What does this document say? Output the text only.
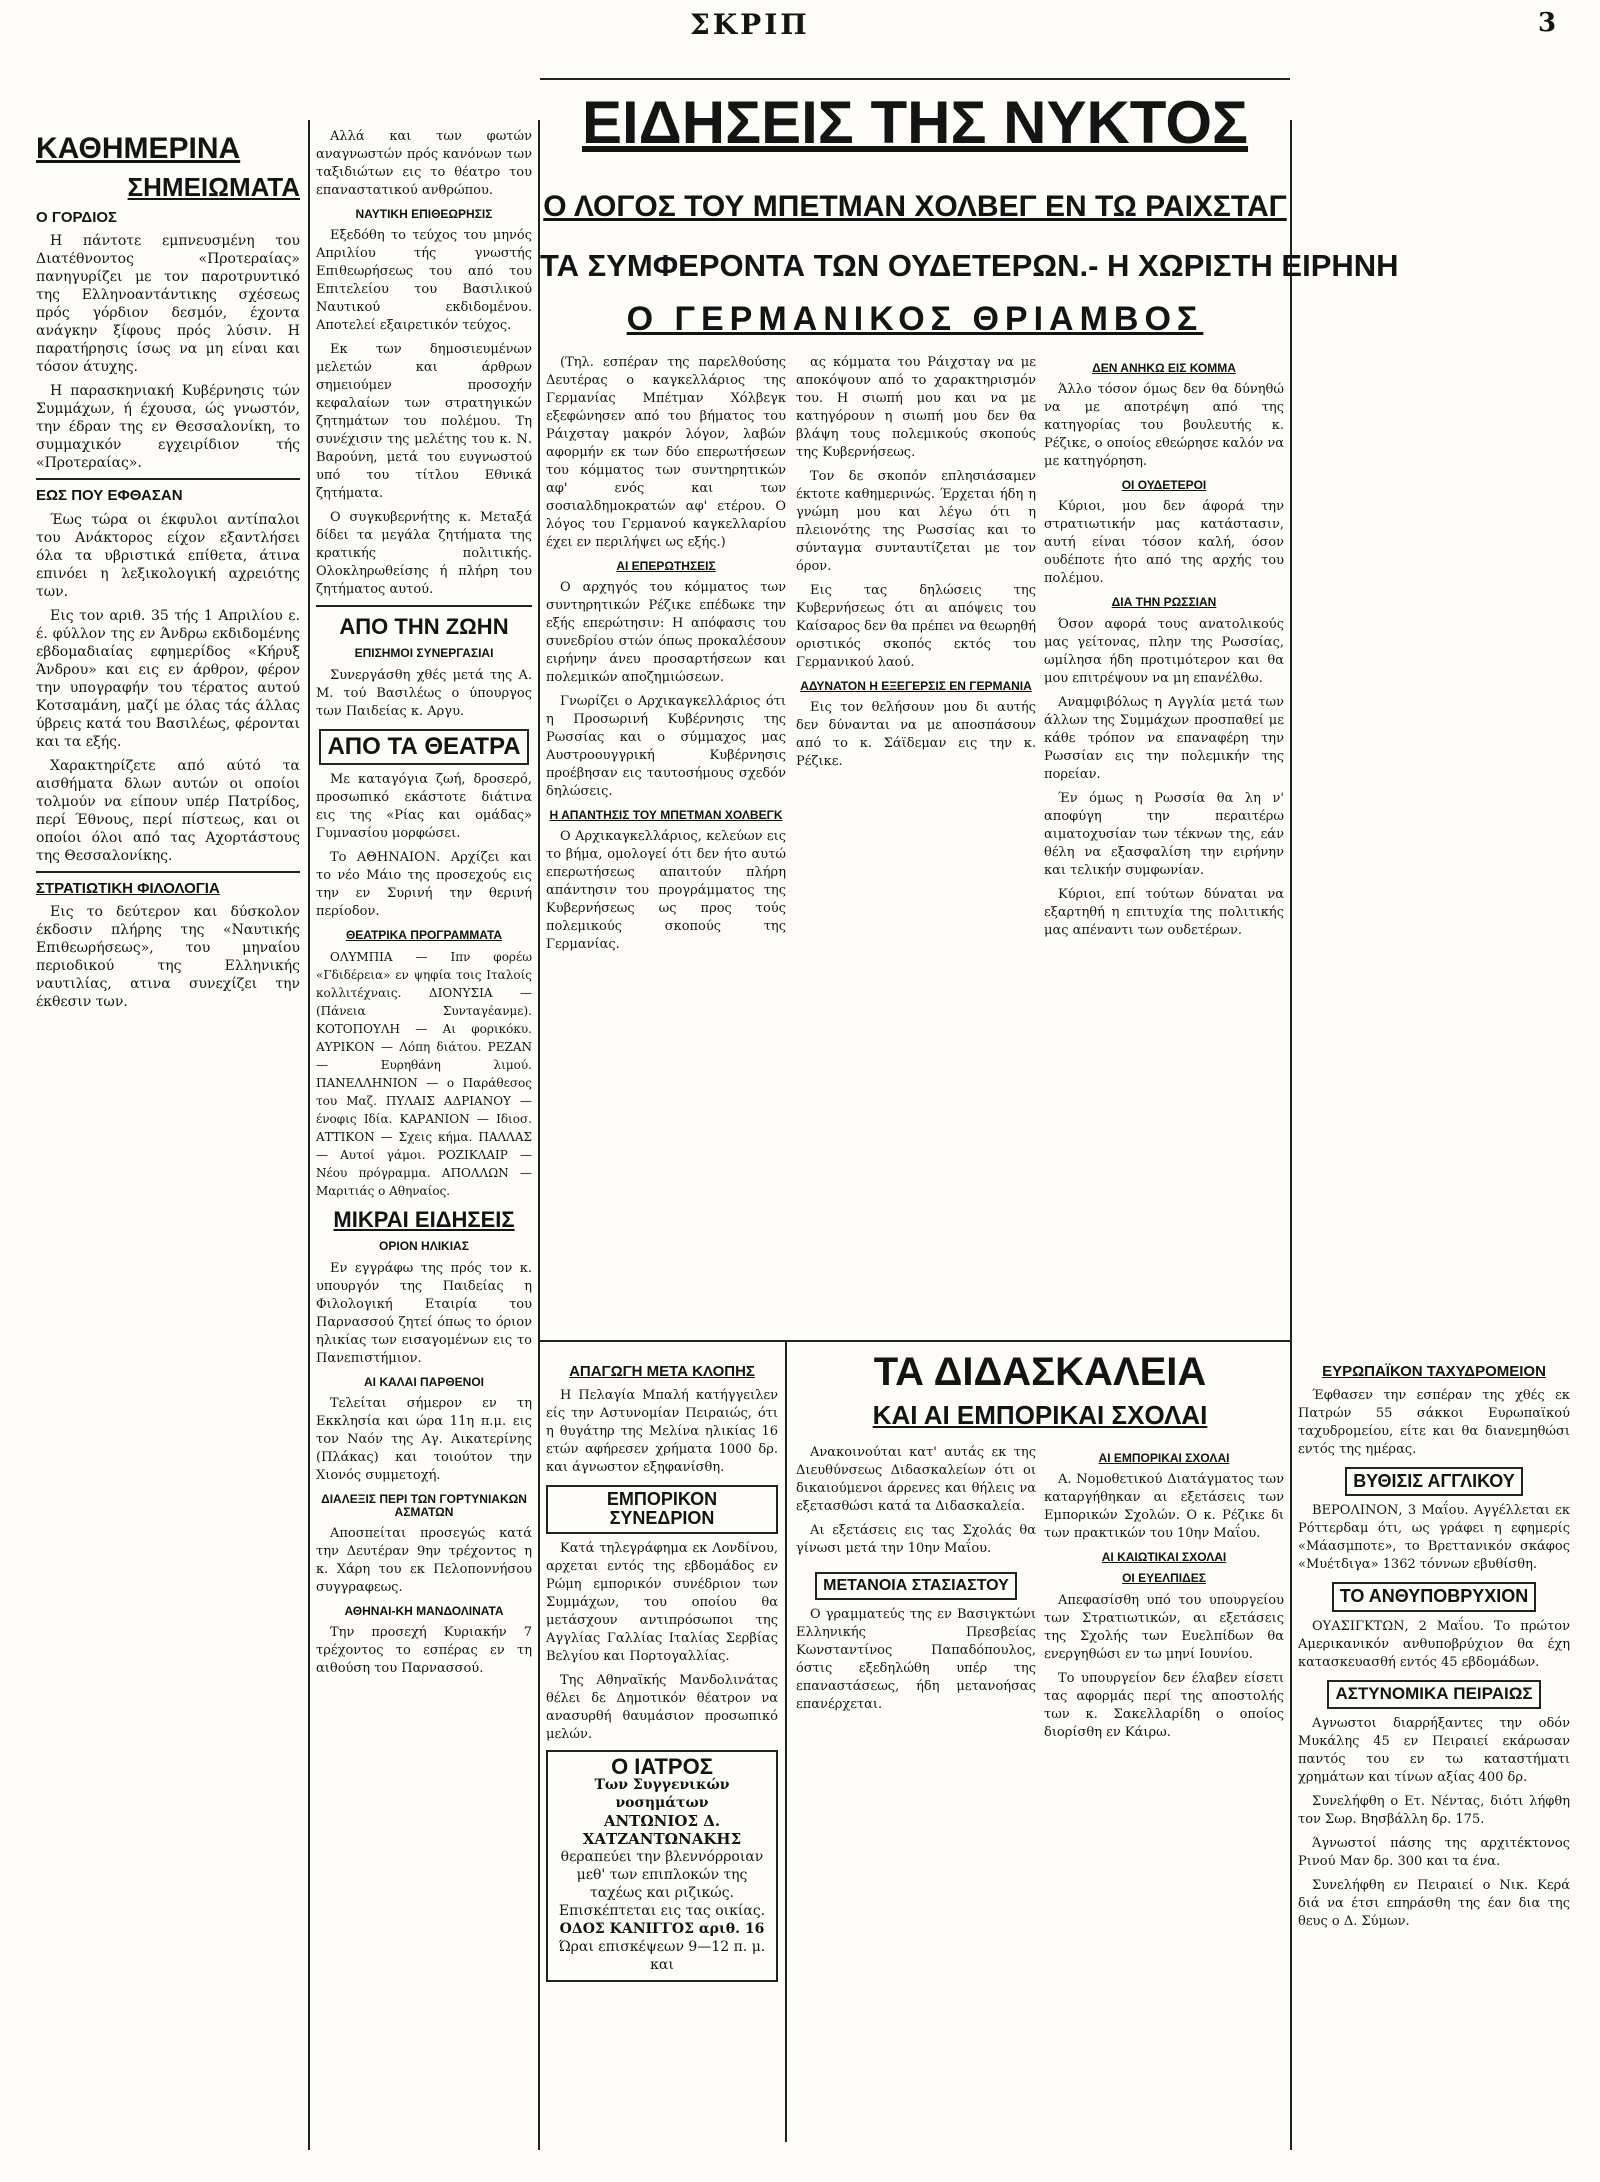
ΣΚΡΙΠ	3
ΚΑΘΗΜΕΡΙΝΑ
ΣΗΜΕΙΩΜΑΤΑ
Ο ΓΟΡΔΙΟΣ

Η πάντοτε εμπνευσμένη του Διατέθνοντος «Προτεραίας» πανηγυρίζει με τον παροτρυντικό της Ελληνοαντάντικης σχέσεως πρός γόρδιον δεσμόν, έχοντα ανάγκην ξίφους πρός λύσιν. Η παρατήρησις ίσως να μη είναι και τόσον άτυχης.

Η παρασκηνιακή Κυβέρνησις τών Συμμάχων, ή έχουσα, ώς γνωστόν, την έδραν της εν Θεσσαλονίκη, το συμμαχικόν εγχειρίδιον τής «Προτεραίας».

ΕΩΣ ΠΟΥ ΕΦΘΑΣΑΝ

Έως τώρα οι έκφυλοι αντίπαλοι του Ανάκτορος είχον εξαντλήσει όλα τα υβριστικά επίθετα, άτινα επινόει η λεξικολογική αχρειότης των.

Εις τον αριθ. 35 τής 1 Απριλίου ε. έ. φύλλον της εν Άνδρω εκδιδομένης εβδομαδιαίας εφημερίδος «Κήρυξ Άνδρου» και εις εν άρθρον, φέρον την υπογραφήν του τέρατος αυτού Κοτσαμάνη, μαζί με όλας τάς άλλας ύβρεις κατά του Βασιλέως, φέρονται και τα εξής.

Χαρακτηρίζετε από αύτό τα αισθήματα δλων αυτών οι οποίοι τολμούν να είπουν υπέρ Πατρίδος, περί Έθνους, περί πίστεως, και οι οποίοι όλοι από τας Αχορτάστους της Θεσσαλονίκης.

ΣΤΡΑΤΙΩΤΙΚΗ ΦΙΛΟΛΟΓΙΑ

Εις το δεύτερον και δύσκολον έκδοσιν πλήρης της «Ναυτικής Επιθεωρήσεως», του μηναίου περιοδικού της Ελληνικής ναυτιλίας, ατινα συνεχίζει την έκθεσιν των.

Αλλά και των φωτών αναγνωστών πρός κανόνων των ταξιδιώτων εις το θέατρο του επαναστατικού ανθρώπου.

ΝΑΥΤΙΚΗ ΕΠΙΘΕΩΡΗΣΙΣ

Εξεδόθη το τεύχος του μηνός Απριλίου τής γνωστής Επιθεωρήσεως του από του Επιτελείου του Βασιλικού Ναυτικού εκδιδομένου. Αποτελεί εξαιρετικόν τεύχος.

Εκ των δημοσιευμένων μελετών και άρθρων σημειούμεν προσοχήν κεφαλαίων των στρατηγικών ζητημάτων του πολέμου. Τη συνέχισιν της μελέτης του κ. Ν. Βαρούνη, μετά του ευγνωστού υπό του τίτλου Εθνικά ζητήματα.

Ο συγκυβερνήτης κ. Μεταξά δίδει τα μεγάλα ζητήματα της κρατικής πολιτικής. Ολοκληρωθείσης ή πλήρη του ζητήματος αυτού.

ΑΠΟ ΤΗΝ ΖΩΗΝ
ΕΠΙΣΗΜΟΙ ΣΥΝΕΡΓΑΣΙΑΙ

Συνεργάσθη χθές μετά της Α. Μ. τού Βασιλέως ο ύπουργος των Παιδείας κ. Αργυ.

ΑΠΟ ΤΑ ΘΕΑΤΡΑ

Με καταγόγια ζωή, δροσερό, προσωπικό εκάστοτε διάτινα εις της «Ρίας και ομάδας» Γυμνασίου μορφώσει.

Το ΑΘΗΝΑΙΟΝ. Αρχίζει και το νέο Μάιο της προσεχούς εις την εν Συρινή την θερινή περίοδον.

ΘΕΑΤΡΙΚΑ ΠΡΟΓΡΑΜΜΑΤΑ

ΟΛΥΜΠΙΑ — Ιπν φορέω «Γδιδέρεια» εν ψηφία τοις Ιταλοίς κολλιτέχναις. ΔΙΟΝΥΣΙΑ — (Πάνεια Συνταγέανμε). ΚΟΤΟΠΟΥΛΗ — Αι φορικόκυ. ΑΥΡΙΚΟΝ — Λόπη διάτου. ΡΕΖΑΝ — Ευρηθάνη λιμού. ΠΑΝΕΛΛΗΝΙΟΝ — ο Παράθεσος του Μαζ. ΠΥΛΑΙΣ ΑΔΡΙΑΝΟΥ — ένοφις Ιδία. ΚΑΡΑΝΙΟΝ — Ιδιοσ. ΑΤΤΙΚΟΝ — Σχεις κήμα. ΠΑΛΛΑΣ — Αυτοί γάμοι. ΡΟΖΙΚΛΑΙΡ — Νέου πρόγραμμα. ΑΠΟΛΛΩΝ — Μαριτιάς ο Αθηναίος.

ΜΙΚΡΑΙ ΕΙΔΗΣΕΙΣ
ΟΡΙΟΝ ΗΛΙΚΙΑΣ

Εν εγγράφω της πρός τον κ. υπουργόν της Παιδείας η Φιλολογική Εταιρία του Παρνασσού ζητεί όπως το όριον ηλικίας των εισαγομένων εις το Πανεπιστήμιον.

ΑΙ ΚΑΛΑΙ ΠΑΡΘΕΝΟΙ

Τελείται σήμερον εν τη Εκκλησία και ώρα 11η π.μ. εις τον Ναόν της Αγ. Αικατερίνης (Πλάκας) και τοιούτον την Χιονός συμμετοχή.

ΔΙΑΛΕΞΙΣ ΠΕΡΙ ΤΩΝ ΓΟΡΤΥΝΙΑΚΩΝ ΑΣΜΑΤΩΝ

Αποσπείται προσεγώς κατά την Δευτέραν 9ην τρέχοντος η κ. Χάρη του εκ Πελοποννήσου συγγραφεως.

ΑΘΗΝΑΙ-ΚΗ ΜΑΝΔΟΛΙΝΑΤΑ

Την προσεχή Κυριακήν 7 τρέχοντος το εσπέρας εν τη αιθούση του Παρνασσού.

ΕΙΔΗΣΕΙΣ ΤΗΣ ΝΥΚΤΟΣ
Ο ΛΟΓΟΣ ΤΟΥ ΜΠΕΤΜΑΝ ΧΟΛΒΕΓ ΕΝ ΤΩ ΡΑΙΧΣΤΑΓ
ΤΑ ΣΥΜΦΕΡΟΝΤΑ ΤΩΝ ΟΥΔΕΤΕΡΩΝ.- Η ΧΩΡΙΣΤΗ ΕΙΡΗΝΗ
Ο ΓΕΡΜΑΝΙΚΟΣ ΘΡΙΑΜΒΟΣ

(Τηλ. εσπέραν της παρελθούσης Δευτέρας ο καγκελλάριος της Γερμανίας Μπέτμαν Χόλβεγκ εξεφώνησεν από του βήματος του Ράιχσταγ μακρόν λόγον, λαβών αφορμήν εκ των δύο επερωτήσεων του κόμματος των συντηρητικών αφ' ενός και των σοσιαλδημοκρατών αφ' ετέρου. Ο λόγος του Γερμανού καγκελλαρίου έχει εν περιλήψει ως εξής.)

ΑΙ ΕΠΕΡΩΤΗΣΕΙΣ

Ο αρχηγός του κόμματος των συντηρητικών Ρέζικε επέδωκε την εξής επερώτησιν: Η απόφασις του συνεδρίου στών όπως προκαλέσουν ειρήνην άνευ προσαρτήσεων και πολεμικών αποζημιώσεων.

Γνωρίζει ο Αρχικαγκελλάριος ότι η Προσωρινή Κυβέρνησις της Ρωσσίας και ο σύμμαχος μας Αυστροουγγρική Κυβέρνησις προέβησαν εις ταυτοσήμους σχεδόν δηλώσεις.

Η ΑΠΑΝΤΗΣΙΣ ΤΟΥ ΜΠΕΤΜΑΝ ΧΟΛΒΕΓΚ

Ο Αρχικαγκελλάριος, κελεύων εις το βήμα, ομολογεί ότι δεν ήτο αυτώ επερωτήσεως απαιτούν πλήρη απάντησιν του προγράμματος της Κυβερνήσεως ως προς τούς πολεμικούς σκοπούς της Γερμανίας.

ας κόμματα του Ράιχσταγ να με αποκόψουν από το χαρακτηρισμόν του. Η σιωπή μου και να με κατηγόρουν η σιωπή μου δεν θα βλάψη τους πολεμικούς σκοπούς της Κυβερνήσεως.

Τον δε σκοπόν επλησιάσαμεν έκτοτε καθημερινώς. Έρχεται ήδη η γνώμη μου και λέγω ότι η πλειονότης της Ρωσσίας και το σύνταγμα συνταυτίζεται με τον όρον.

Εις τας δηλώσεις της Κυβερνήσεως ότι αι απόψεις του Καίσαρος δεν θα πρέπει να θεωρηθή οριστικός σκοπός εκτός του Γερμανικού λαού.

ΑΔΥΝΑΤΟΝ Η ΕΞΕΓΕΡΣΙΣ ΕΝ ΓΕΡΜΑΝΙΑ

Εις τον θελήσουν μου δι αυτής δεν δύνανται να με αποσπάσουν από το κ. Σάϊδεμαν εις την κ. Ρέζικε.

ΔΕΝ ΑΝΗΚΩ ΕΙΣ ΚΟΜΜΑ

Άλλο τόσον όμως δεν θα δύνηθώ να με αποτρέψη από της κατηγορίας του βουλευτής κ. Ρέζικε, ο οποίος εθεώρησε καλόν να με κατηγόρηση.

ΟΙ ΟΥΔΕΤΕΡΟΙ

Κύριοι, μου δεν άφορά την στρατιωτικήν μας κατάστασιν, αυτή είναι τόσον καλή, όσον ουδέποτε ήτο από της αρχής του πολέμου.

ΔΙΑ ΤΗΝ ΡΩΣΣΙΑΝ

Όσον αφορά τους ανατολικούς μας γείτονας, πλην της Ρωσσίας, ωμίλησα ήδη προτιμότερον και θα μου επιτρέψουν να μη επανέλθω.

Αναμφιβόλως η Αγγλία μετά των άλλων της Συμμάχων προσπαθεί με κάθε τρόπον να επαναφέρη την Ρωσσίαν εις την πολεμικήν της πορείαν.

Έν όμως η Ρωσσία θα λη ν' αποφύγη την περαιτέρω αιματοχυσίαν των τέκνων της, εάν θέλη να εξασφαλίση την ειρήνην και τελικήν συμφωνίαν.

Κύριοι, επί τούτων δύναται να εξαρτηθή η επιτυχία της πολιτικής μας απέναντι των ουδετέρων.

ΑΠΑΓΩΓΗ ΜΕΤΑ ΚΛΟΠΗΣ

Η Πελαγία Μπαλή κατήγγειλεν είς την Αστυνομίαν Πειραιώς, ότι η θυγάτηρ της Μελίνα ηλικίας 16 ετών αφήρεσεν χρήματα 1000 δρ. και άγνωστον εξηφανίσθη.

ΕΜΠΟΡΙΚΟΝ ΣΥΝΕΔΡΙΟΝ

Κατά τηλεγράφημα εκ Λονδίνου, αρχεται εντός της εβδομάδος εν Ρώμη εμπορικόν συνέδριον των Συμμάχων, του οποίου θα μετάσχουν αντιπρόσωποι της Αγγλίας Γαλλίας Ιταλίας Σερβίας Βελγίου και Πορτογαλλίας.

Της Αθηναϊκής Μανδολινάτας θέλει δε Δημοτικόν θέατρον να ανασυρθή θαυμάσιον προσωπικό μελών.

Ο ΙΑΤΡΟΣ
Των Συγγενικών νοσημάτων
ΑΝΤΩΝΙΟΣ Δ. ΧΑΤΖΑΝΤΩΝΑΚΗΣ
θεραπεύει την βλεννόρροιαν μεθ' των επιπλοκών της ταχέως και ριζικώς. Επισκέπτεται εις τας οικίας.
ΟΔΟΣ ΚΑΝΙΓΓΟΣ αριθ. 16
Ώραι επισκέψεων 9—12 π. μ. και
ΤΑ ΔΙΔΑΣΚΑΛΕΙΑ
ΚΑΙ ΑΙ ΕΜΠΟΡΙΚΑΙ ΣΧΟΛΑΙ

Ανακοινούται κατ' αυτάς εκ της Διευθύνσεως Διδασκαλείων ότι οι δικαιούμενοι άρρενες και θήλεις να εξετασθώσι κατά τα Διδασκαλεία.

Αι εξετάσεις εις τας Σχολάς θα γίνωσι μετά την 10ην Μαΐου.

ΜΕΤΑΝΟΙΑ ΣΤΑΣΙΑΣΤΟΥ

Ο γραμματεύς της εν Βασιγκτώνι Ελληνικής Πρεσβείας Κωνσταντίνος Παπαδόπουλος, όστις εξεδηλώθη υπέρ της επαναστάσεως, ήδη μετανοήσας επανέρχεται.

ΑΙ ΕΜΠΟΡΙΚΑΙ ΣΧΟΛΑΙ

Α. Νομοθετικού Διατάγματος των καταργήθηκαν αι εξετάσεις των Εμπορικών Σχολών. Ο κ. Ρέζικε δι των πρακτικών του 10ην Μαΐου.

ΑΙ ΚΑΙΩΤΙΚΑΙ ΣΧΟΛΑΙ
ΟΙ ΕΥΕΛΠΙΔΕΣ

Απεφασίσθη υπό του υπουργείου των Στρατιωτικών, αι εξετάσεις της Σχολής των Ευελπίδων θα ενεργηθώσι εν τω μηνί Ιουνίου.

Το υπουργείον δεν έλαβεν είσετι τας αφορμάς περί της αποστολής των κ. Σακελλαρίδη ο οποίος διορίσθη εν Κάιρω.

ΕΥΡΩΠΑΪΚΟΝ ΤΑΧΥΔΡΟΜΕΙΟΝ

Έφθασεν την εσπέραν της χθές εκ Πατρών 55 σάκκοι Ευρωπαϊκού ταχυδρομείου, είτε και θα διανεμηθώσι εντός της ημέρας.

ΒΥΘΙΣΙΣ ΑΓΓΛΙΚΟΥ

ΒΕΡΟΛΙΝΟΝ, 3 Μαΐου. Αγγέλλεται εκ Ρόττερδαμ ότι, ως γράφει η εφημερίς «Μάασμποτε», το Βρεττανικόν σκάφος «Μυέτδιγα» 1362 τόννων εβυθίσθη.

ΤΟ ΑΝΘΥΠΟΒΡΥΧΙΟΝ

ΟΥΑΣΙΓΚΤΩΝ, 2 Μαΐου. Το πρώτον Αμερικανικόν ανθυποβρύχιον θα έχη κατασκευασθή εντός 45 εβδομάδων.

ΑΣΤΥΝΟΜΙΚΑ ΠΕΙΡΑΙΩΣ

Αγνωστοι διαρρήξαντες την οδόν Μυκάλης 45 εν Πειραιεί εκάρωσαν παντός του εν τω καταστήματι χρημάτων και τίνων αξίας 400 δρ.

Συνελήφθη ο Ετ. Νέντας, διότι λήφθη τον Σωρ. Βησβάλλη δρ. 175.

Άγνωστοί πάσης της αρχιτέκτονος Ρινού Μαν δρ. 300 και τα ένα.

Συνελήφθη εν Πειραιεί ο Νικ. Κερά διά να έτσι επηράσθη της έαν δια της θευς ο Δ. Σύμων.
